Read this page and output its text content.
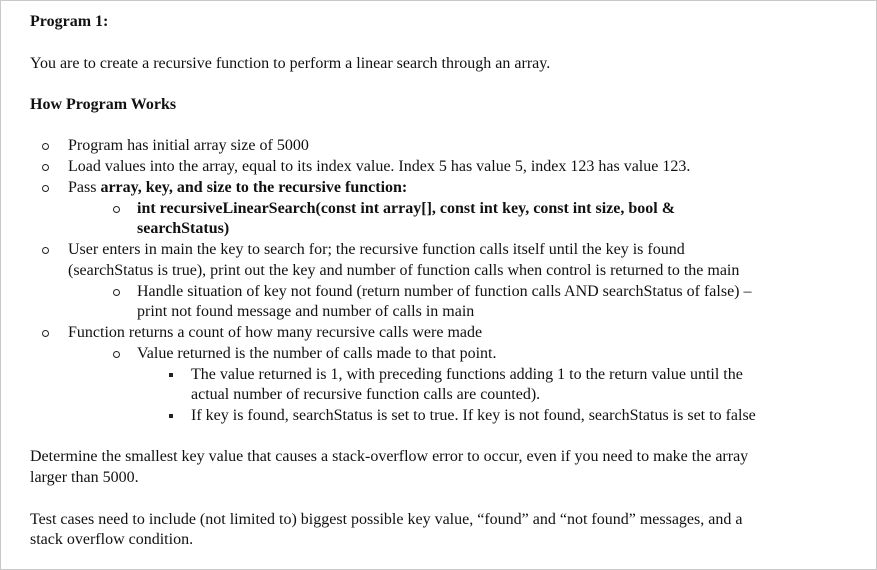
Program 1:
You are to create a recursive function to perform a linear search through an array.
How Program Works
Program has initial array size of 5000
Load values into the array, equal to its index value. Index 5 has value 5, index 123 has value 123.
Pass array, key, and size to the recursive function:
int recursiveLinearSearch(const int array[], const int key, const int size, bool &
searchStatus)
User enters in main the key to search for; the recursive function calls itself until the key is found
(searchStatus is true), print out the key and number of function calls when control is returned to the main
Handle situation of key not found (return number of function calls AND searchStatus of false) –
print not found message and number of calls in main
Function returns a count of how many recursive calls were made
Value returned is the number of calls made to that point.
The value returned is 1, with preceding functions adding 1 to the return value until the
actual number of recursive function calls are counted).
If key is found, searchStatus is set to true. If key is not found, searchStatus is set to false
Determine the smallest key value that causes a stack-overflow error to occur, even if you need to make the array
larger than 5000.
Test cases need to include (not limited to) biggest possible key value, “found” and “not found” messages, and a
stack overflow condition.
